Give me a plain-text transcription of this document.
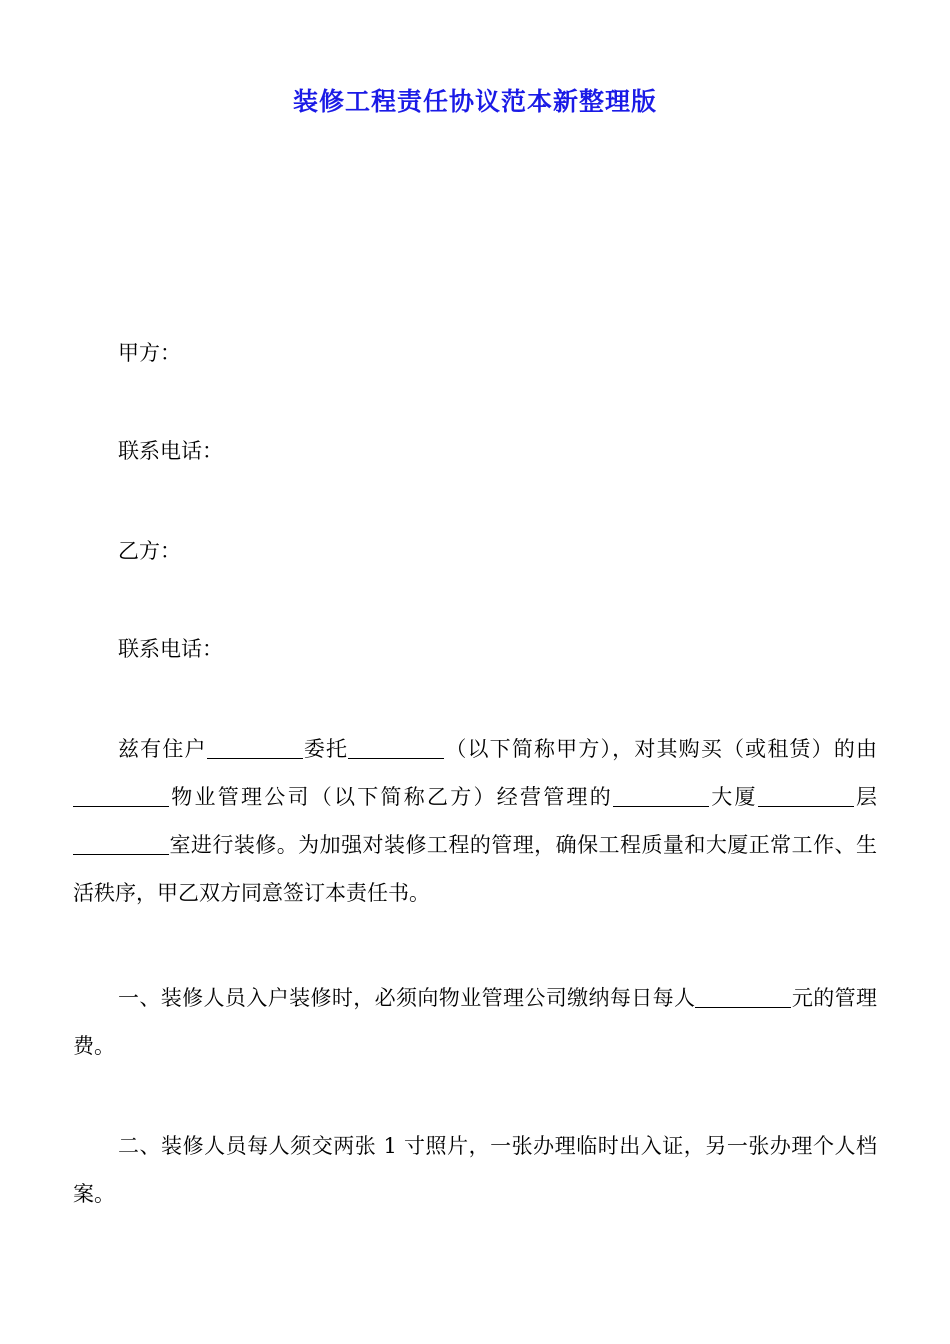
装修工程责任协议范本新整理版

甲方：

联系电话：

乙方：

联系电话：

兹有住户	委托	（以下简称甲方），对其购买（或租赁）的由物业管理公司（以下简称乙方）经营管理的	大厦	层室进行装修。为加强对装修工程的管理，确保工程质量和大厦正常工作、生活秩序，甲乙双方同意签订本责任书。

一、装修人员入户装修时，必须向物业管理公司缴纳每日每人	元的管理费。

二、装修人员每人须交两张 1 寸照片，一张办理临时出入证，另一张办理个人档案。
